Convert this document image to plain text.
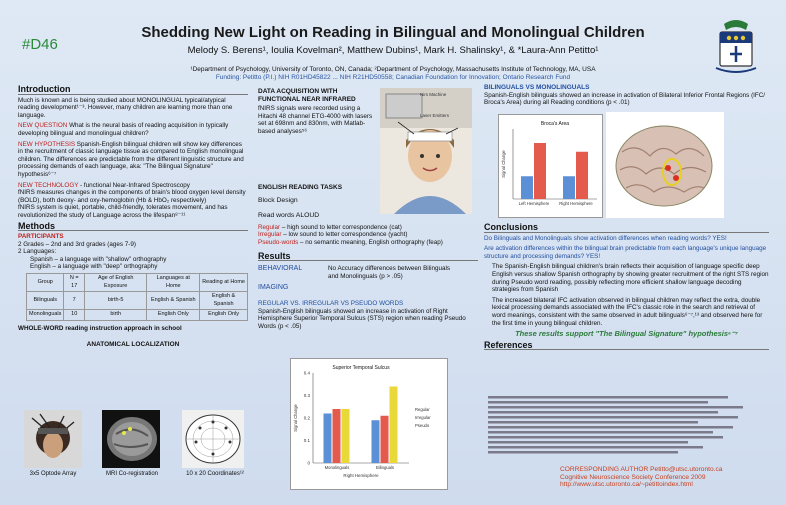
#D46
Shedding New Light on Reading in Bilingual and Monolingual Children
Melody S. Berens¹, Ioulia Kovelman², Matthew Dubins¹, Mark H. Shalinsky¹, & *Laura-Ann Petitto¹
¹Department of Psychology, University of Toronto, ON, Canada; ²Department of Psychology, Massachusetts Institute of Technology, MA, USA
Funding: Petitto (P.I.) NIH R01HD45822 ... NIH R21HD50558; Canadian Foundation for Innovation; Ontario Research Fund
Introduction
Much is known and is being studied about MONOLINGUAL typical/atypical reading development¹⁻³. However, many children are learning more than one language.
NEW QUESTION What is the neural basis of reading acquisition in typically developing bilingual and monolingual children?
NEW HYPOTHESIS Spanish-English bilingual children will show key differences in the recruitment of classic language tissue as compared to English monolingual children. The differences are predictable from the different linguistic structure and processing demands of each language, aka: "The Bilingual Signature" hypothesis⁶⁻⁷
NEW TECHNOLOGY - functional Near-Infrared Spectroscopy
fNIRS measures changes in the components of brain's blood oxygen level density (BOLD), both deoxy- and oxy-hemoglobin (Hb & HbO₂ respectively)
fNIRS system is quiet, portable, child-friendly, tolerates movement, and has revolutionized the study of Language across the lifespan⁸⁻¹¹
Methods
PARTICIPANTS
2 Grades – 2nd and 3rd grades (ages 7-9)
2 Languages:
Spanish – a language with "shallow" orthography
English – a language with "deep" orthography
Group	N = 17	Age of English Exposure	Languages at Home	Reading at Home
Bilinguals	7	birth-5	English & Spanish	English & Spanish
Monolinguals	10	birth	English Only	English Only
WHOLE-WORD reading instruction approach in school
ANATOMICAL LOCALIZATION
3x5 Optode Array	MRI Co-registration	10 x 20 Coordinates¹²
DATA ACQUISITION WITH FUNCTIONAL NEAR INFRARED
fNIRS signals were recorded using a Hitachi 48 channel ETG-4000 with lasers set at 698nm and 830nm, with Matlab-based analyses⁵⁶
Nirs Machine
Laser Emitters
ENGLISH READING TASKS
Block Design
Read words ALOUD
Regular – high sound to letter correspondence (cat)
Irregular – low sound to letter correspondence (yacht)
Pseudo-words – no semantic meaning, English orthography (feap)
Results
BEHAVIORAL	No Accuracy differences between Bilinguals and Monolinguals (p > .05)
IMAGING
REGULAR VS. IRREGULAR VS PSEUDO WORDS
Spanish-English bilinguals showed an increase in activation of Right Hemisphere Superior Temporal Sulcus (STS) region when reading Pseudo Words (p < .05)
0
0.1
0.2
0.3
0.4
Monolinguals	Bilinguals
Superior Temporal Sulcus
Signal Change
Right Hemisphere
Regular
Irregular
Pseudo
BILINGUALS VS MONOLINGUALS
Spanish-English bilinguals showed an increase in activation of Bilateral Inferior Frontal Regions (IFC/ Broca's Area) during all Reading conditions (p < .01)
Left Hemisphere Right Hemisphere
Broca's Area
Signal Change
Conclusions
Do Bilinguals and Monolinguals show activation differences when reading words? YES!
Are activation differences within the bilingual brain predictable from each language's unique language structure and processing demands? YES!
The Spanish-English bilingual children's brain reflects their acquisition of language specific deep English versus shallow Spanish orthography by showing greater recruitment of the right STS region during Pseudo word reading, possibly reflecting more efficient shallow language decoding strategies from Spanish
The increased bilateral IFC activation observed in bilingual children may reflect the extra, double lexical processing demands associated with the IFC's classic role in the search and retrieval of word meanings, consistent with the same observed in adult bilinguals⁶⁻⁷,¹³ and observed here for the first time in young bilingual children.
These results support "The Bilingual Signature" hypothesis⁶⁻⁷
References
CORRESPONDING AUTHOR Petitto@utsc.utoronto.ca
Cognitive Neuroscience Society Conference 2009
http://www.utsc.utoronto.ca/~petittoindex.html
